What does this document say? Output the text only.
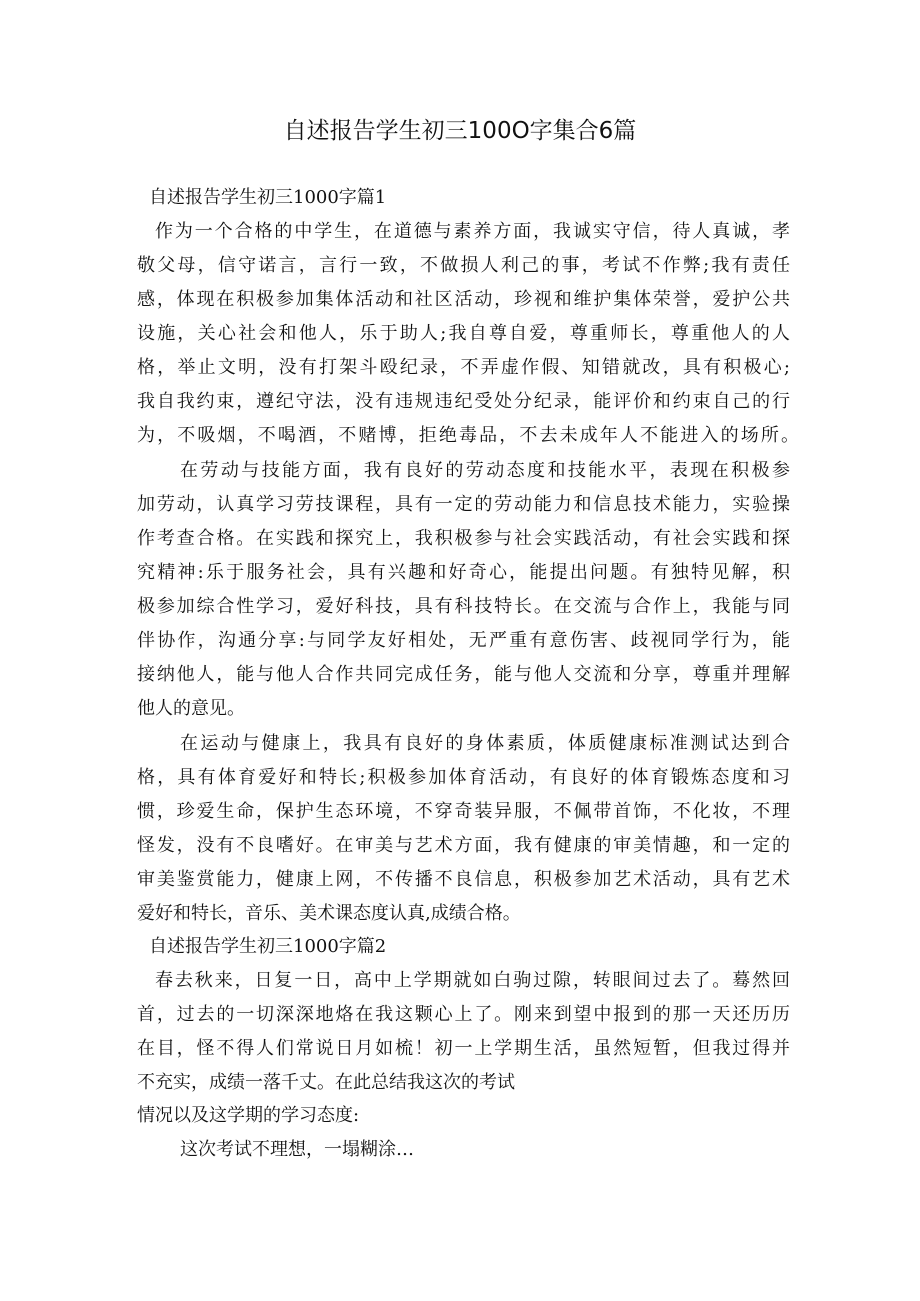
自述报告学生初三100O字集合6篇
自述报告学生初三1000字篇1
作为一个合格的中学生，在道德与素养方面，我诚实守信，待人真诚，孝
敬父母，信守诺言，言行一致，不做损人利己的事，考试不作弊;我有责任
感，体现在积极参加集体活动和社区活动，珍视和维护集体荣誉，爱护公共
设施，关心社会和他人，乐于助人;我自尊自爱，尊重师长，尊重他人的人
格，举止文明，没有打架斗殴纪录，不弄虚作假、知错就改，具有积极心;
我自我约束，遵纪守法，没有违规违纪受处分纪录，能评价和约束自己的行
为，不吸烟，不喝酒，不赌博，拒绝毒品，不去未成年人不能进入的场所。
在劳动与技能方面，我有良好的劳动态度和技能水平，表现在积极参
加劳动，认真学习劳技课程，具有一定的劳动能力和信息技术能力，实验操
作考查合格。在实践和探究上，我积极参与社会实践活动，有社会实践和探
究精神:乐于服务社会，具有兴趣和好奇心，能提出问题。有独特见解，积
极参加综合性学习，爱好科技，具有科技特长。在交流与合作上，我能与同
伴协作，沟通分享:与同学友好相处，无严重有意伤害、歧视同学行为，能
接纳他人，能与他人合作共同完成任务，能与他人交流和分享，尊重并理解
他人的意见。
在运动与健康上，我具有良好的身体素质，体质健康标准测试达到合
格，具有体育爱好和特长;积极参加体育活动，有良好的体育锻炼态度和习
惯，珍爱生命，保护生态环境，不穿奇装异服，不佩带首饰，不化妆，不理
怪发，没有不良嗜好。在审美与艺术方面，我有健康的审美情趣，和一定的
审美鉴赏能力，健康上网，不传播不良信息，积极参加艺术活动，具有艺术
爱好和特长，音乐、美术课态度认真,成绩合格。
自述报告学生初三1000字篇2
春去秋来，日复一日，高中上学期就如白驹过隙，转眼间过去了。蓦然回
首，过去的一切深深地烙在我这颗心上了。刚来到望中报到的那一天还历历
在目，怪不得人们常说日月如梳！初一上学期生活，虽然短暂，但我过得并
不充实，成绩一落千丈。在此总结我这次的考试
情况以及这学期的学习态度:
这次考试不理想，一塌糊涂…
